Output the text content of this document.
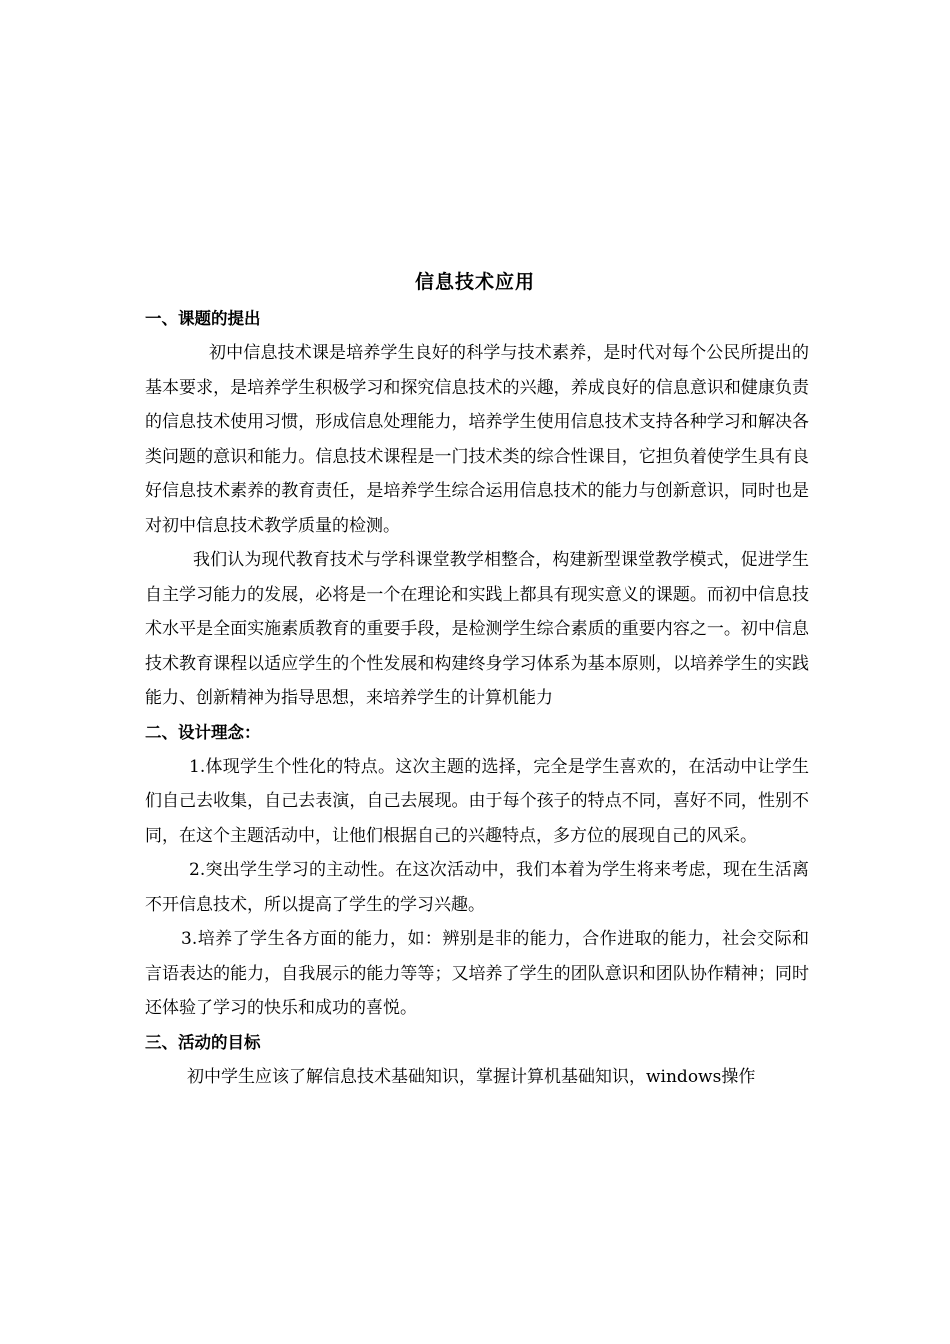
信息技术应用
一、课题的提出
初中信息技术课是培养学生良好的科学与技术素养，是时代对每个公民所提出的基本要求，是培养学生积极学习和探究信息技术的兴趣，养成良好的信息意识和健康负责的信息技术使用习惯，形成信息处理能力，培养学生使用信息技术支持各种学习和解决各类问题的意识和能力。信息技术课程是一门技术类的综合性课目，它担负着使学生具有良好信息技术素养的教育责任，是培养学生综合运用信息技术的能力与创新意识，同时也是对初中信息技术教学质量的检测。
我们认为现代教育技术与学科课堂教学相整合，构建新型课堂教学模式，促进学生自主学习能力的发展，必将是一个在理论和实践上都具有现实意义的课题。而初中信息技术水平是全面实施素质教育的重要手段，是检测学生综合素质的重要内容之一。初中信息技术教育课程以适应学生的个性发展和构建终身学习体系为基本原则，以培养学生的实践能力、创新精神为指导思想，来培养学生的计算机能力
二、设计理念：
1.体现学生个性化的特点。这次主题的选择，完全是学生喜欢的，在活动中让学生们自己去收集，自己去表演，自己去展现。由于每个孩子的特点不同，喜好不同，性别不同，在这个主题活动中，让他们根据自己的兴趣特点，多方位的展现自己的风采。
2.突出学生学习的主动性。在这次活动中，我们本着为学生将来考虑，现在生活离不开信息技术，所以提高了学生的学习兴趣。
3.培养了学生各方面的能力，如：辨别是非的能力，合作进取的能力，社会交际和言语表达的能力，自我展示的能力等等；又培养了学生的团队意识和团队协作精神；同时还体验了学习的快乐和成功的喜悦。
三、活动的目标
初中学生应该了解信息技术基础知识，掌握计算机基础知识，windows操作
